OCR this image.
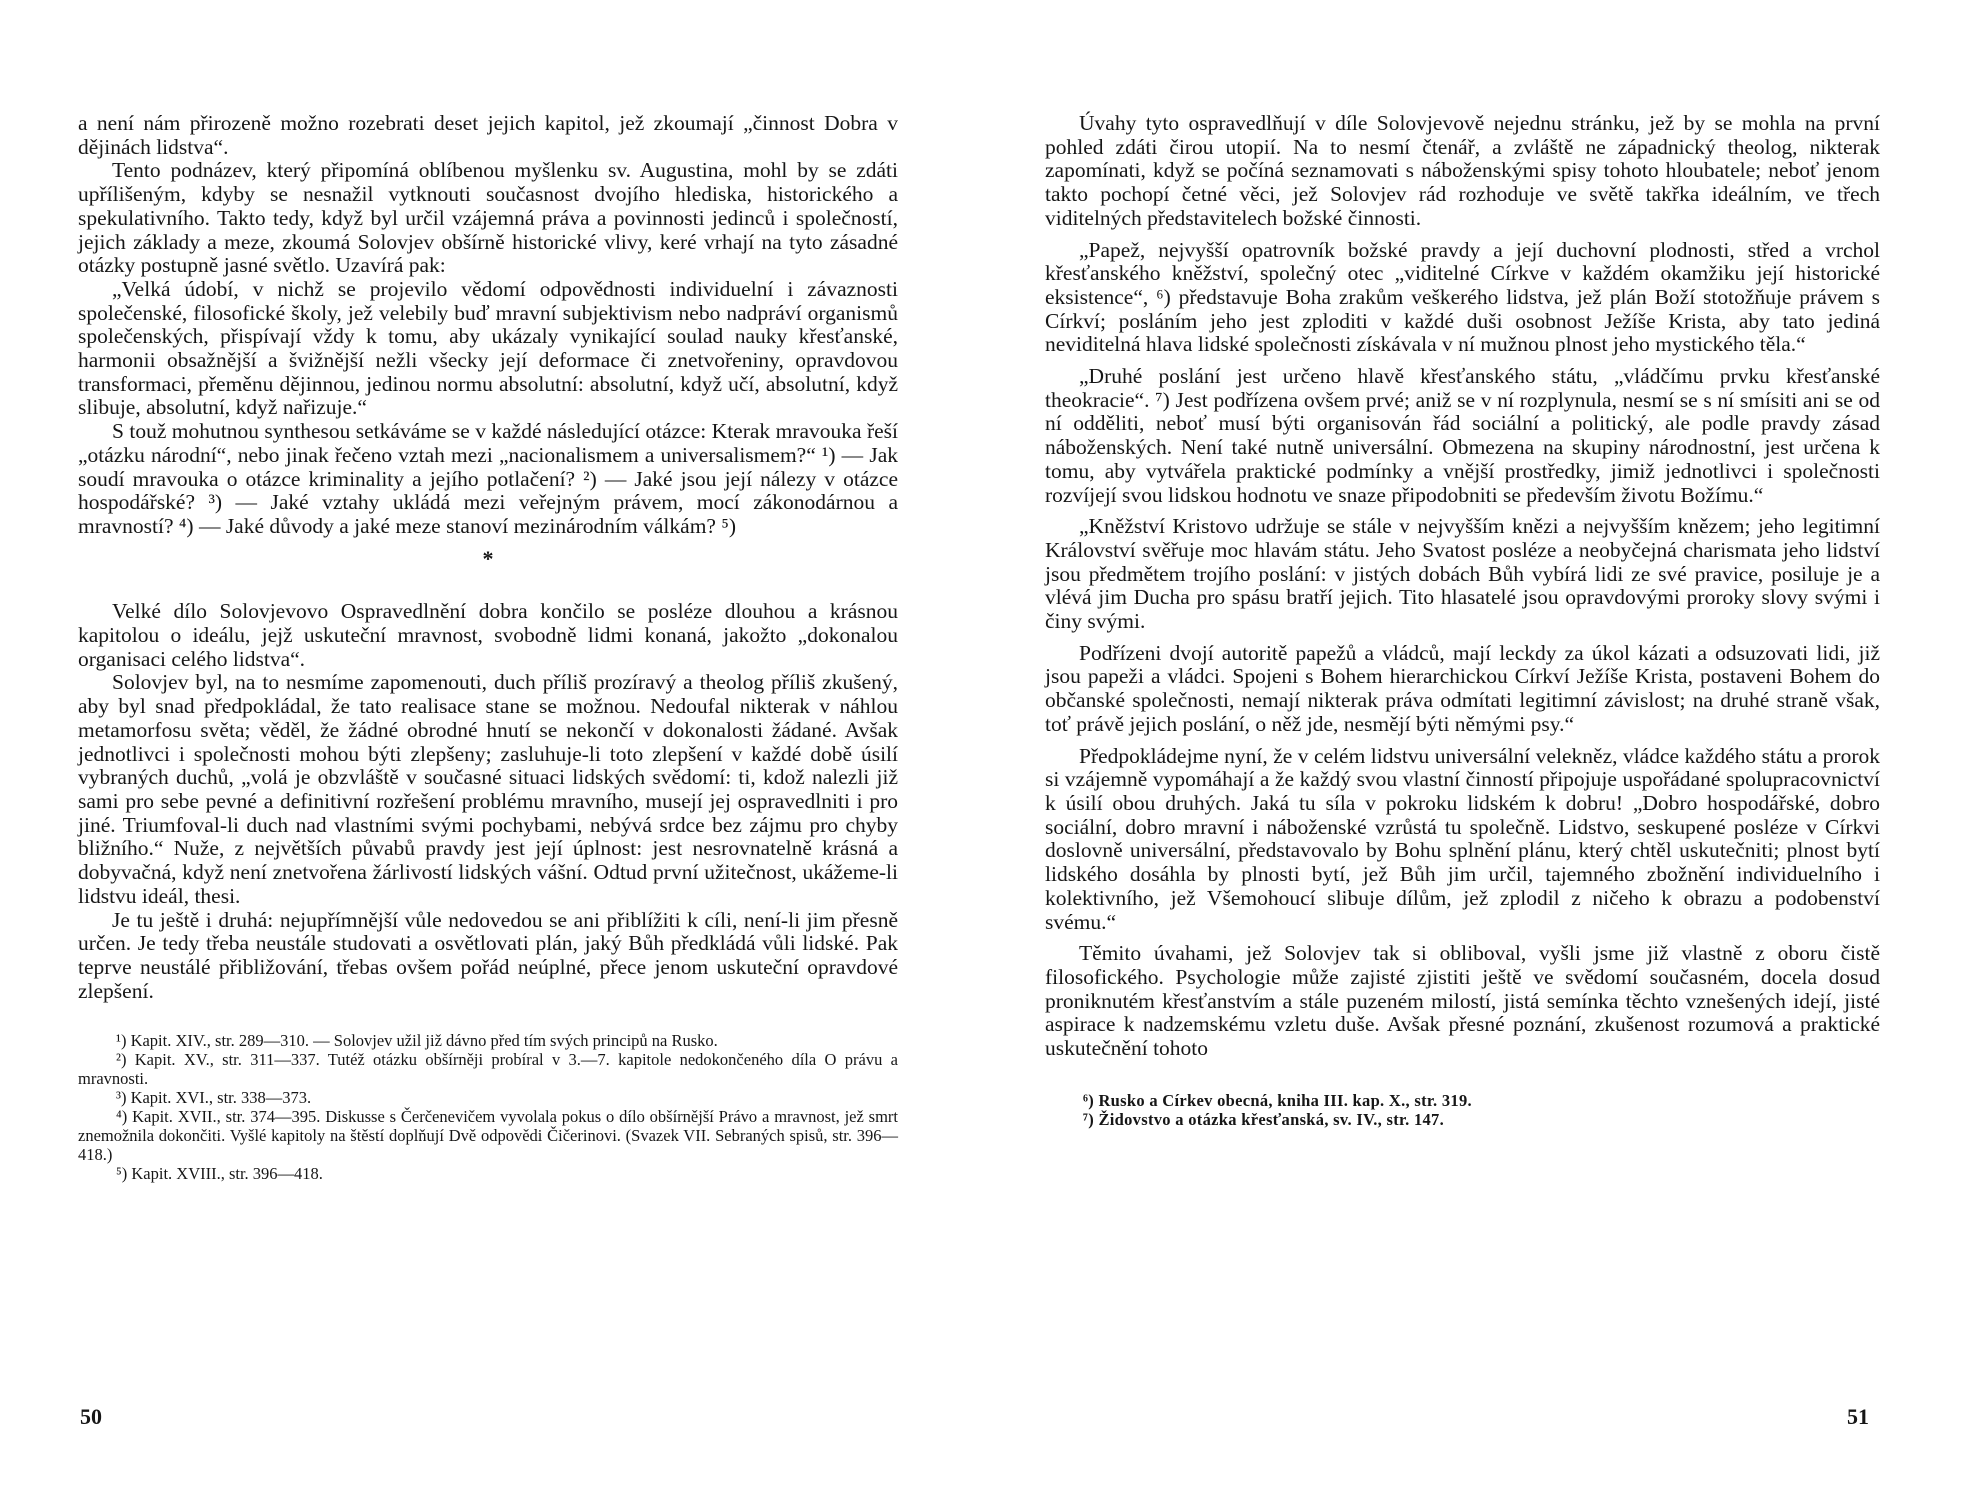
a není nám přirozeně možno rozebrati deset jejich kapitol, jež zkoumají „činnost Dobra v dějinách lidstva“.

Tento podnázev, který připomíná oblíbenou myšlenku sv. Augustina, mohl by se zdáti upřílišeným, kdyby se nesnažil vytknouti současnost dvojího hlediska, historického a spekulativního. Takto tedy, když byl určil vzájemná práva a povinnosti jedinců i společností, jejich základy a meze, zkoumá Solovjev obšírně historické vlivy, keré vrhají na tyto zásadné otázky postupně jasné světlo. Uzavírá pak:

„Velká údobí, v nichž se projevilo vědomí odpovědnosti individuelní i závaznosti společenské, filosofické školy, jež velebily buď mravní subjektivism nebo nadpráví organismů společenských, přispívají vždy k tomu, aby ukázaly vynikající soulad nauky křesťanské, harmonii obsažnější a švižnější nežli všecky její deformace či znetvořeniny, opravdovou transformaci, přeměnu dějinnou, jedinou normu absolutní: absolutní, když učí, absolutní, když slibuje, absolutní, když nařizuje.“

S touž mohutnou synthesou setkáváme se v každé následující otázce: Kterak mravouka řeší „otázku národní“, nebo jinak řečeno vztah mezi „nacionalismem a universalismem?“ ¹) — Jak soudí mravouka o otázce kriminality a jejího potlačení? ²) — Jaké jsou její nálezy v otázce hospodářské? ³) — Jaké vztahy ukládá mezi veřejným právem, mocí zákonodárnou a mravností? ⁴) — Jaké důvody a jaké meze stanoví mezinárodním válkám? ⁵)

*

Velké dílo Solovjevovo Ospravedlnění dobra končilo se posléze dlouhou a krásnou kapitolou o ideálu, jejž uskuteční mravnost, svobodně lidmi konaná, jakožto „dokonalou organisaci celého lidstva“.

Solovjev byl, na to nesmíme zapomenouti, duch příliš prozíravý a theolog příliš zkušený, aby byl snad předpokládal, že tato realisace stane se možnou. Nedoufal nikterak v náhlou metamorfosu světa; věděl, že žádné obrodné hnutí se nekončí v dokonalosti žádané. Avšak jednotlivci i společnosti mohou býti zlepšeny; zasluhuje-li toto zlepšení v každé době úsilí vybraných duchů, „volá je obzvláště v současné situaci lidských svědomí: ti, kdož nalezli již sami pro sebe pevné a definitivní rozřešení problému mravního, musejí jej ospravedlniti i pro jiné. Triumfoval-li duch nad vlastními svými pochybami, nebývá srdce bez zájmu pro chyby bližního.“ Nuže, z největších půvabů pravdy jest její úplnost: jest nesrovnatelně krásná a dobyvačná, když není znetvořena žárlivostí lidských vášní. Odtud první užitečnost, ukážeme-li lidstvu ideál, thesi.

Je tu ještě i druhá: nejupřímnější vůle nedovedou se ani přiblížiti k cíli, není-li jim přesně určen. Je tedy třeba neustále studovati a osvětlovati plán, jaký Bůh předkládá vůli lidské. Pak teprve neustálé přibližování, třebas ovšem pořád neúplné, přece jenom uskuteční opravdové zlepšení.

¹) Kapit. XIV., str. 289—310. — Solovjev užil již dávno před tím svých principů na Rusko.

²) Kapit. XV., str. 311—337. Tutéž otázku obšírněji probíral v 3.—7. kapitole nedokončeného díla O právu a mravnosti.

³) Kapit. XVI., str. 338—373.

⁴) Kapit. XVII., str. 374—395. Diskusse s Čerčenevičem vyvolala pokus o dílo obšírnější Právo a mravnost, jež smrt znemožnila dokončiti. Vyšlé kapitoly na štěstí doplňují Dvě odpovědi Čičerinovi. (Svazek VII. Sebraných spisů, str. 396—418.)

⁵) Kapit. XVIII., str. 396—418.

Úvahy tyto ospravedlňují v díle Solovjevově nejednu stránku, jež by se mohla na první pohled zdáti čirou utopií. Na to nesmí čtenář, a zvláště ne západnický theolog, nikterak zapomínati, když se počíná seznamovati s náboženskými spisy tohoto hloubatele; neboť jenom takto pochopí četné věci, jež Solovjev rád rozhoduje ve světě takřka ideálním, ve třech viditelných představitelech božské činnosti.

„Papež, nejvyšší opatrovník božské pravdy a její duchovní plodnosti, střed a vrchol křesťanského kněžství, společný otec „viditelné Církve v každém okamžiku její historické eksistence“, ⁶) představuje Boha zrakům veškerého lidstva, jež plán Boží stotožňuje právem s Církví; posláním jeho jest zploditi v každé duši osobnost Ježíše Krista, aby tato jediná neviditelná hlava lidské společnosti získávala v ní mužnou plnost jeho mystického těla.“

„Druhé poslání jest určeno hlavě křesťanského státu, „vládčímu prvku křesťanské theokracie“. ⁷) Jest podřízena ovšem prvé; aniž se v ní rozplynula, nesmí se s ní smísiti ani se od ní odděliti, neboť musí býti organisován řád sociální a politický, ale podle pravdy zásad náboženských. Není také nutně universální. Obmezena na skupiny národnostní, jest určena k tomu, aby vytvářela praktické podmínky a vnější prostředky, jimiž jednotlivci i společnosti rozvíjejí svou lidskou hodnotu ve snaze připodobniti se především životu Božímu.“

„Kněžství Kristovo udržuje se stále v nejvyšším knězi a nejvyšším knězem; jeho legitimní Království svěřuje moc hlavám státu. Jeho Svatost posléze a neobyčejná charismata jeho lidství jsou předmětem trojího poslání: v jistých dobách Bůh vybírá lidi ze své pravice, posiluje je a vlévá jim Ducha pro spásu bratří jejich. Tito hlasatelé jsou opravdovými proroky slovy svými i činy svými.

Podřízeni dvojí autoritě papežů a vládců, mají leckdy za úkol kázati a odsuzovati lidi, již jsou papeži a vládci. Spojeni s Bohem hierarchickou Církví Ježíše Krista, postaveni Bohem do občanské společnosti, nemají nikterak práva odmítati legitimní závislost; na druhé straně však, toť právě jejich poslání, o něž jde, nesmějí býti němými psy.“

Předpokládejme nyní, že v celém lidstvu universální velekněz, vládce každého státu a prorok si vzájemně vypomáhají a že každý svou vlastní činností připojuje uspořádané spolupracovnictví k úsilí obou druhých. Jaká tu síla v pokroku lidském k dobru! „Dobro hospodářské, dobro sociální, dobro mravní i náboženské vzrůstá tu společně. Lidstvo, seskupené posléze v Církvi doslovně universální, představovalo by Bohu splnění plánu, který chtěl uskutečniti; plnost bytí lidského dosáhla by plnosti bytí, jež Bůh jim určil, tajemného zbožnění individuelního i kolektivního, jež Všemohoucí slibuje dílům, jež zplodil z ničeho k obrazu a podobenství svému.“

Těmito úvahami, jež Solovjev tak si obliboval, vyšli jsme již vlastně z oboru čistě filosofického. Psychologie může zajisté zjistiti ještě ve svědomí současném, docela dosud proniknutém křesťanstvím a stále puzeném milostí, jistá semínka těchto vznešených idejí, jisté aspirace k nadzemskému vzletu duše. Avšak přesné poznání, zkušenost rozumová a praktické uskutečnění tohoto

⁶) Rusko a Církev obecná, kniha III. kap. X., str. 319.

⁷) Židovstvo a otázka křesťanská, sv. IV., str. 147.

50	51
